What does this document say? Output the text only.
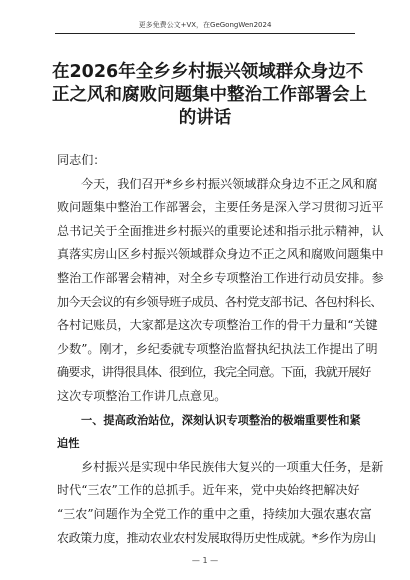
更多免费公文+VX，在GeGongWen2024
在2026年全乡乡村振兴领域群众身边不
正之风和腐败问题集中整治工作部署会上
的讲话

同志们：

今天，我们召开*乡乡村振兴领域群众身边不正之风和腐
败问题集中整治工作部署会，主要任务是深入学习贯彻习近平
总书记关于全面推进乡村振兴的重要论述和指示批示精神，认
真落实房山区乡村振兴领域群众身边不正之风和腐败问题集中
整治工作部署会精神，对全乡专项整治工作进行动员安排。参
加今天会议的有乡领导班子成员、各村党支部书记、各包村科长、
各村记账员，大家都是这次专项整治工作的骨干力量和“关键
少数”。刚才，乡纪委就专项整治监督执纪执法工作提出了明
确要求，讲得很具体、很到位，我完全同意。下面，我就开展好
这次专项整治工作讲几点意见。

一、提高政治站位，深刻认识专项整治的极端重要性和紧
迫性

乡村振兴是实现中华民族伟大复兴的一项重大任务，是新
时代“三农”工作的总抓手。近年来，党中央始终把解决好
“三农”问题作为全党工作的重中之重，持续加大强农惠农富
农政策力度，推动农业农村发展取得历史性成就。*乡作为房山

— 1 —
